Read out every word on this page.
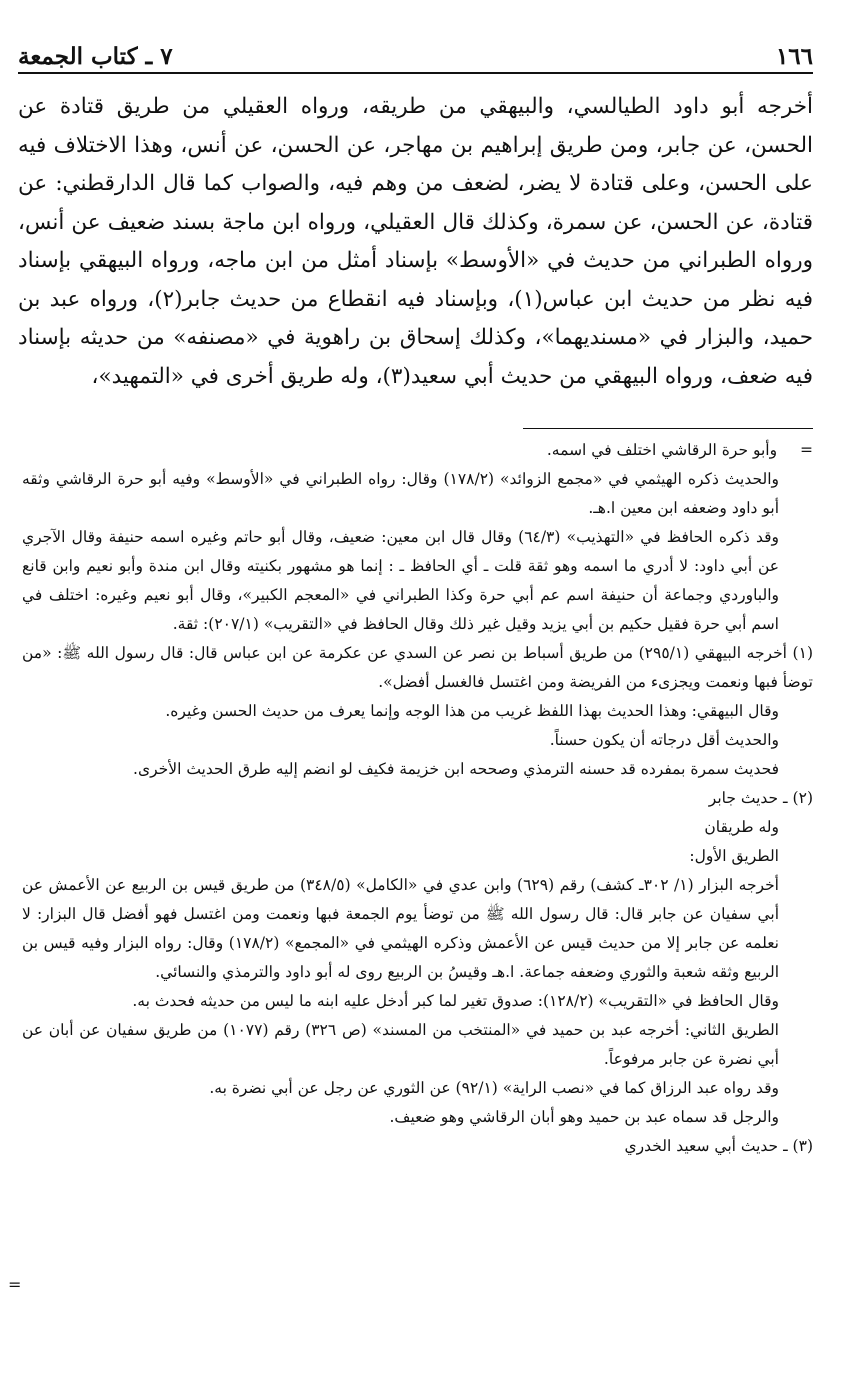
١٦٦
٧ ـ كتاب الجمعة

أخرجه أبو داود الطيالسي، والبيهقي من طريقه، ورواه العقيلي من طريق قتادة عن الحسن، عن جابر، ومن طريق إبراهيم بن مهاجر، عن الحسن، عن أنس، وهذا الاختلاف فيه على الحسن، وعلى قتادة لا يضر، لضعف من وهم فيه، والصواب كما قال الدارقطني: عن قتادة، عن الحسن، عن سمرة، وكذلك قال العقيلي، ورواه ابن ماجة بسند ضعيف عن أنس، ورواه الطبراني من حديث في «الأوسط» بإسناد أمثل من ابن ماجه، ورواه البيهقي بإسناد فيه نظر من حديث ابن عباس(١)، وبإسناد فيه انقطاع من حديث جابر(٢)، ورواه عبد بن حميد، والبزار في «مسنديهما»، وكذلك إسحاق بن راهوية في «مصنفه» من حديثه بإسناد فيه ضعف، ورواه البيهقي من حديث أبي سعيد(٣)، وله طريق أخرى في «التمهيد»،

= وأبو حرة الرقاشي اختلف في اسمه.

والحديث ذكره الهيثمي في «مجمع الزوائد» (١٧٨/٢) وقال: رواه الطبراني في «الأوسط» وفيه أبو حرة الرقاشي وثقه أبو داود وضعفه ابن معين ا.هـ.

وقد ذكره الحافظ في «التهذيب» (٦٤/٣) وقال قال ابن معين: ضعيف، وقال أبو حاتم وغيره اسمه حنيفة وقال الآجري عن أبي داود: لا أدري ما اسمه وهو ثقة قلت ـ أي الحافظ ـ : إنما هو مشهور بكنيته وقال ابن مندة وأبو نعيم وابن قانع والباوردي وجماعة أن حنيفة اسم عم أبي حرة وكذا الطبراني في «المعجم الكبير»، وقال أبو نعيم وغيره: اختلف في اسم أبي حرة فقيل حكيم بن أبي يزيد وقيل غير ذلك وقال الحافظ في «التقريب» (٢٠٧/١): ثقة.

(١) أخرجه البيهقي (٢٩٥/١) من طريق أسباط بن نصر عن السدي عن عكرمة عن ابن عباس قال: قال رسول الله ﷺ: «من توضأ فبها ونعمت ويجزىء من الفريضة ومن اغتسل فالغسل أفضل».

وقال البيهقي: وهذا الحديث بهذا اللفظ غريب من هذا الوجه وإنما يعرف من حديث الحسن وغيره.

والحديث أقل درجاته أن يكون حسناً.

فحديث سمرة بمفرده قد حسنه الترمذي وصححه ابن خزيمة فكيف لو انضم إليه طرق الحديث الأخرى.

(٢) ـ حديث جابر

وله طريقان

الطريق الأول:

أخرجه البزار (١/ ٣٠٢ـ كشف) رقم (٦٢٩) وابن عدي في «الكامل» (٣٤٨/٥) من طريق قيس بن الربيع عن الأعمش عن أبي سفيان عن جابر قال: قال رسول الله ﷺ من توضأ يوم الجمعة فبها ونعمت ومن اغتسل فهو أفضل قال البزار: لا نعلمه عن جابر إلا من حديث قيس عن الأعمش وذكره الهيثمي في «المجمع» (١٧٨/٢) وقال: رواه البزار وفيه قيس بن الربيع وثقه شعبة والثوري وضعفه جماعة. ا.هـ وقيسُ بن الربيع روى له أبو داود والترمذي والنسائي.

وقال الحافظ في «التقريب» (١٢٨/٢): صدوق تغير لما كبر أدخل عليه ابنه ما ليس من حديثه فحدث به.

الطريق الثاني: أخرجه عبد بن حميد في «المنتخب من المسند» (ص ٣٢٦) رقم (١٠٧٧) من طريق سفيان عن أبان عن أبي نضرة عن جابر مرفوعاً.

وقد رواه عبد الرزاق كما في «نصب الراية» (٩٢/١) عن الثوري عن رجل عن أبي نضرة به.

والرجل قد سماه عبد بن حميد وهو أبان الرقاشي وهو ضعيف.

(٣) ـ حديث أبي سعيد الخدري

=
